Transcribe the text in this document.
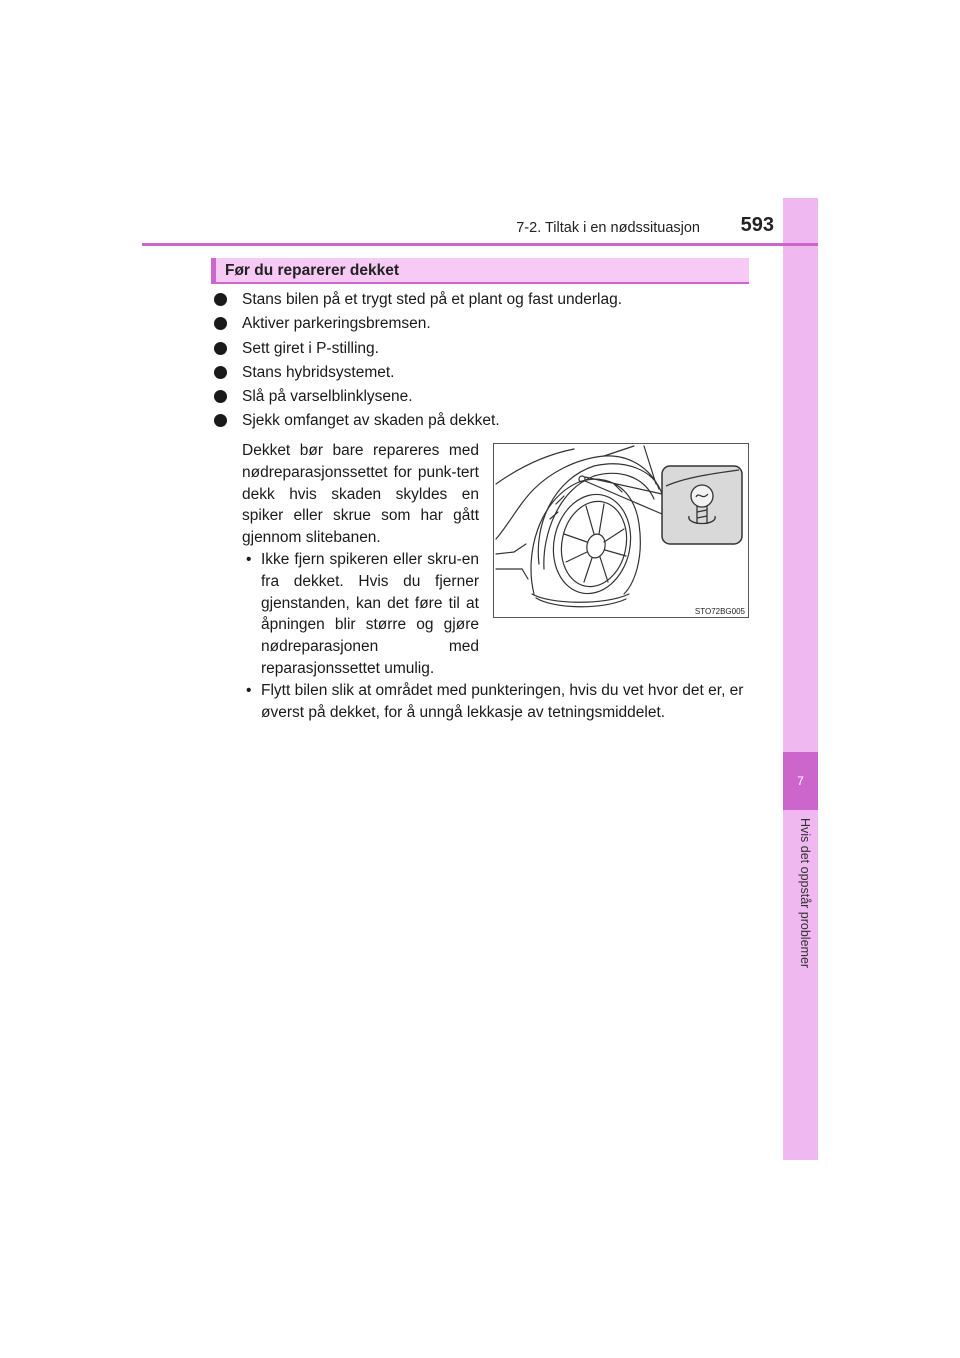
7
Hvis det oppstår problemer
7-2. Tiltak i en nødssituasjon	593
Før du reparerer dekket
Stans bilen på et trygt sted på et plant og fast underlag.
Aktiver parkeringsbremsen.
Sett giret i P-stilling.
Stans hybridsystemet.
Slå på varselblinklysene.
Sjekk omfanget av skaden på dekket.
Dekket bør bare repareres med nødreparasjonssettet for punk-tert dekk hvis skaden skyldes en spiker eller skrue som har gått gjennom slitebanen.
• Ikke fjern spikeren eller skru-en fra dekket. Hvis du fjerner gjenstanden, kan det føre til at åpningen blir større og gjøre nødreparasjonen med reparasjonssettet umulig.
• Flytt bilen slik at området med punkteringen, hvis du vet hvor det er, er øverst på dekket, for å unngå lekkasje av tetningsmiddelet.
STO72BG005
